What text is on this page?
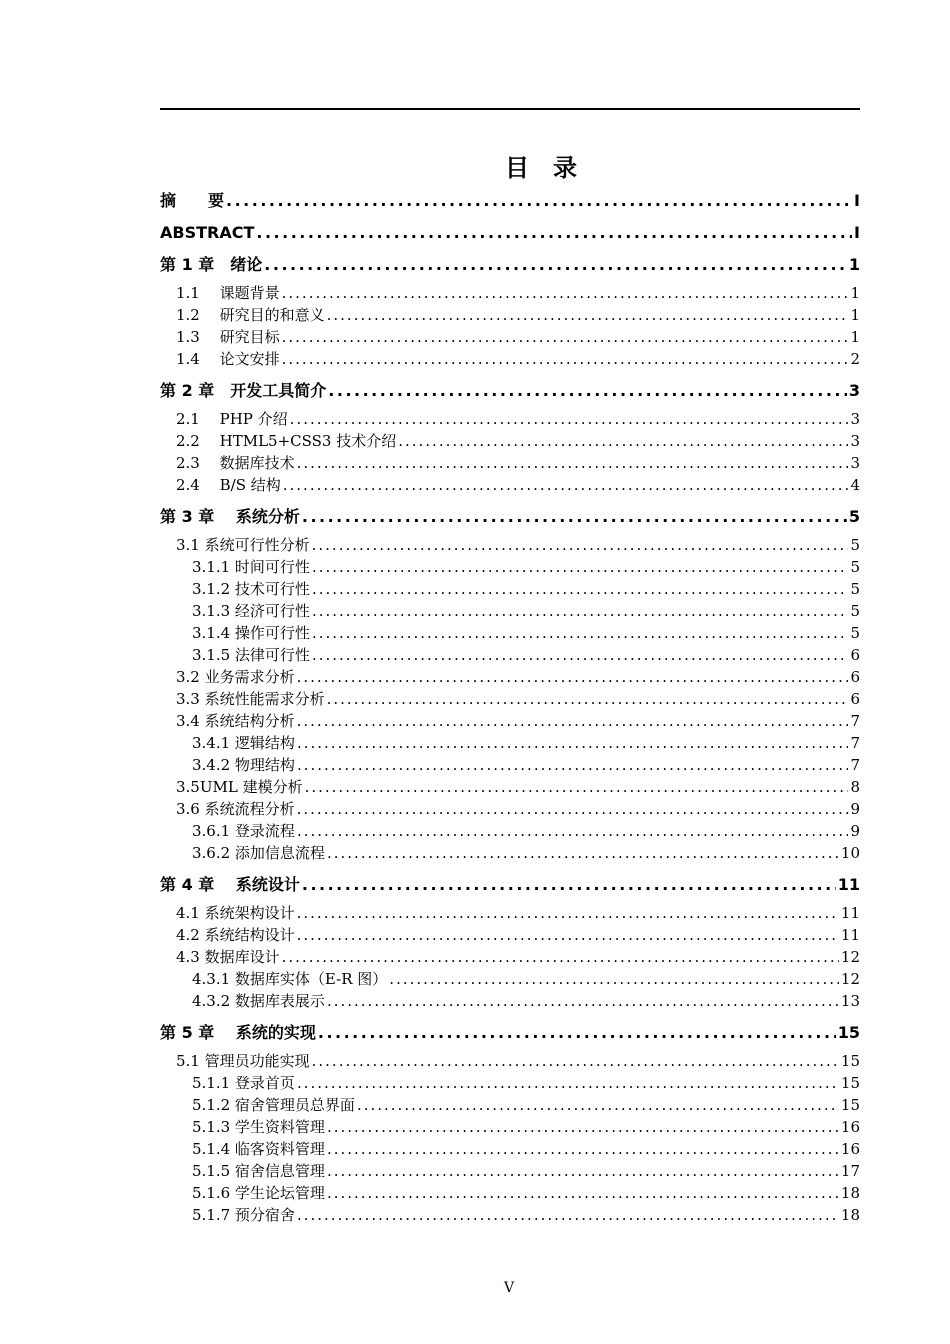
目　录
摘　　要 .....	I
ABSTRACT .....	I
第 1 章　绪论 .....	1
1.1　 课题背景 .....	1
1.2　 研究目的和意义 .....	1
1.3　 研究目标 .....	1
1.4　 论文安排 .....	2
第 2 章　开发工具简介 .....	3
2.1　 PHP 介绍 .....	3
2.2　 HTML5+CSS3 技术介绍 .....	3
2.3　 数据库技术 .....	3
2.4　 B/S 结构 .....	4
第 3 章　 系统分析 .....	5
3.1 系统可行性分析 .....	5
3.1.1 时间可行性 .....	5
3.1.2 技术可行性 .....	5
3.1.3 经济可行性 .....	5
3.1.4 操作可行性 .....	5
3.1.5 法律可行性 .....	6
3.2 业务需求分析 .....	6
3.3 系统性能需求分析 .....	6
3.4 系统结构分析 .....	7
3.4.1 逻辑结构 .....	7
3.4.2 物理结构 .....	7
3.5UML 建模分析 .....	8
3.6 系统流程分析 .....	9
3.6.1 登录流程 .....	9
3.6.2 添加信息流程 .....	10
第 4 章　 系统设计 .....	11
4.1 系统架构设计 .....	11
4.2 系统结构设计 .....	11
4.3 数据库设计 .....	12
4.3.1 数据库实体（E-R 图） .....	12
4.3.2 数据库表展示 .....	13
第 5 章　 系统的实现 .....	15
5.1 管理员功能实现 .....	15
5.1.1 登录首页 .....	15
5.1.2 宿舍管理员总界面 .....	15
5.1.3 学生资料管理 .....	16
5.1.4 临客资料管理 .....	16
5.1.5 宿舍信息管理 .....	17
5.1.6 学生论坛管理 .....	18
5.1.7 预分宿舍 .....	18
V
